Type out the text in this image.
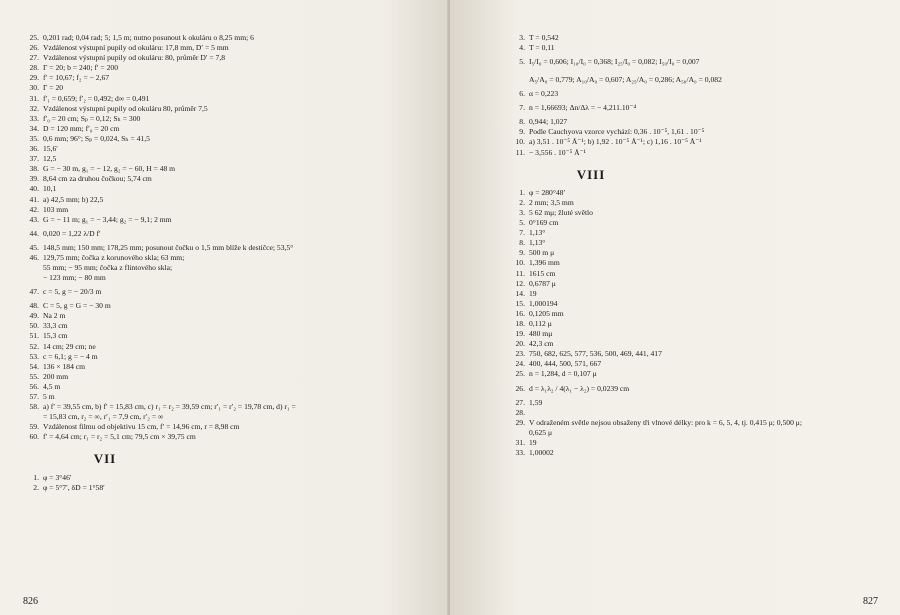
25. 0,201 rad; 0,04 rad; 5; 1,5 m; nutno posunout k okuláru o 8,25 mm; 6
26. Vzdálenost výstupní pupily od okuláru: 17,8 mm, D′ = 5 mm
27. Vzdálenost výstupní pupily od okuláru: 80, průměr D′ = 7,8
28. Γ = 20; b = 240; f′ = 200
29. f′ = 10,67; f₂ = − 2,67
30. Γ = 20
31. f′₁ = 0,659; f′₂ = 0,492; d∞ = 0,491
32. Vzdálenost výstupní pupily od okuláru 80, průměr 7,5
33. f′₀ = 20 cm; Sₚ = 0,12; Sₕ = 300
34. D = 120 mm; f′₀ = 20 cm
35. 0,6 mm; 96°; Sₚ = 0,024, Sₕ = 41,5
36. 15,6′
37. 12,5
38. G = − 30 m, g₁ = − 12, g₂ = − 60, H = 48 m
39. 8,64 cm za druhou čočkou; 5,74 cm
40. 10,1
41. a) 42,5 mm; b) 22,5
42. 103 mm
43. G = − 11 m; g₁ = − 3,44; g₂ = − 9,1; 2 mm
44. 0,020 = 1,22 λ/D f′
45. 148,5 mm; 150 mm; 178,25 mm; posunout čočku o 1,5 mm blíže k destičce; 53,5°
46. 129,75 mm; čočka z korunového skla; 63 mm;
55 mm; − 95 mm; čočka z flintového skla;
− 123 mm; − 80 mm
47. c = 5, g = − 20/3 m
48. C = 5, g = G = − 30 m
49. Na 2 m
50. 33,3 cm
51. 15,3 cm
52. 14 cm; 29 cm; ne
53. c = 6,1; g = − 4 m
54. 136 × 184 cm
55. 200 mm
56. 4,5 m
57. 5 m
58. a) f′ = 39,55 cm, b) f′ = 15,83 cm, c) r₁ = r₂ = 39,59 cm; r′₁ = r′₂ = 19,78 cm, d) r₁ =
= 15,83 cm, r₂ = ∞, r′₁ = 7,9 cm, r′₂ = ∞
59. Vzdálenost filmu od objektivu 15 cm, f′ = 14,96 cm, r = 8,98 cm
60. f′ = 4,64 cm; r₁ = r₂ = 5,1 cm; 79,5 cm × 39,75 cm
VII
1. φ = 3°46′
2. φ = 5°7′, δD = 1°58′
826
3. T = 0,542
4. T = 0,11
5. I₅/I₀ = 0,606; I₁₀/I₀ = 0,368; I₂₅/I₀ = 0,082; I₅₀/I₀ = 0,007
A₅/A₀ = 0,779; A₁₀/A₀ = 0,607; A₂₅/A₀ = 0,286; A₅₀/A₀ = 0,082
6. α = 0,223
7. n = 1,66693; Δn/Δλ = − 4,211.10⁻⁴
8. 0,944; 1,027
9. Podle Cauchyova vzorce vychází: 0,36 . 10⁻⁵, 1,61 . 10⁻⁵
10. a) 3,51 . 10⁻⁵ Å⁻¹; b) 1,92 . 10⁻⁵ Å⁻¹; c) 1,16 . 10⁻⁵ Å⁻¹
11. − 3,556 . 10⁻⁵ Å⁻¹
VIII
1. φ = 280°48′
2. 2 mm; 3,5 mm
3. 5 62 mμ; žluté světlo
5. 0°169 cm
7. 1,13°
8. 1,13°
9. 500 m μ
10. 1,396 mm
11. 1615 cm
12. 0,6787 μ
14. 19
15. 1,000194
16. 0,1205 mm
18. 0,112 μ
19. 480 mμ
20. 42,3 cm
23. 750, 682, 625, 577, 536, 500, 469, 441, 417
24. 400, 444, 500, 571, 667
25. n = 1,284, d = 0,107 μ
26. d = λ₁λ₂ / 4(λ₁ − λ₂) = 0,0239 cm
27. 1,59
28.
29. V odraženém světle nejsou obsaženy tři vlnové délky: pro k = 6, 5, 4, tj. 0,415 μ; 0,500 μ;
0,625 μ
31. 19
33. 1,00002
827
